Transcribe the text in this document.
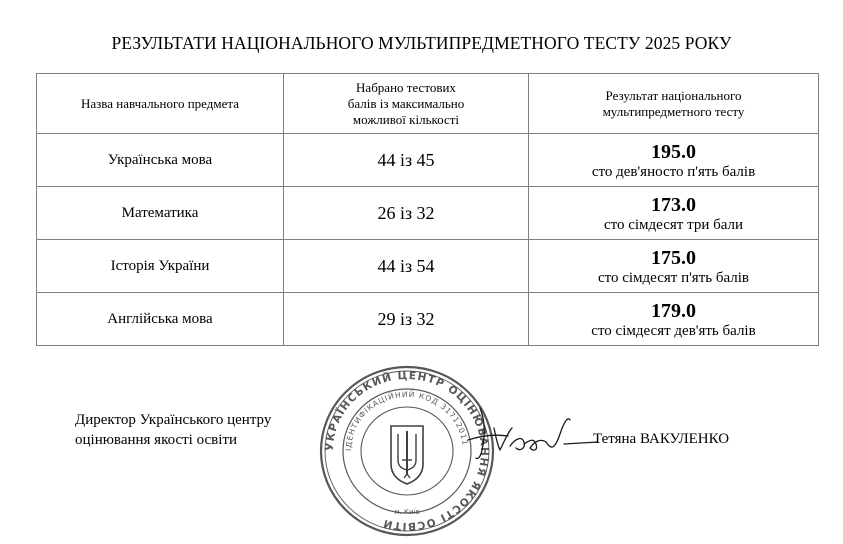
РЕЗУЛЬТАТИ НАЦІОНАЛЬНОГО МУЛЬТИПРЕДМЕТНОГО ТЕСТУ 2025 РОКУ
Назва навчального предмета	Набрано тестових
балів із максимально
можливої кількості	Результат національного
мультипредметного тесту
Українська мова	44 із 45	195.0
сто дев'яносто п'ять балів

Математика	26 із 32	173.0
сто сімдесят три бали

Історія України	44 із 54	175.0
сто сімдесят п'ять балів

Англійська мова	29 із 32	179.0
сто сімдесят дев'ять балів
Директор Українського центру
оцінювання якості освіти	УКРАЇНСЬКИЙ ЦЕНТР ОЦІНЮВАННЯ ЯКОСТІ ОСВІТИ
ІДЕНТИФІКАЦІЙНИЙ КОД 31712011
м. Київ
Тетяна ВАКУЛЕНКО
